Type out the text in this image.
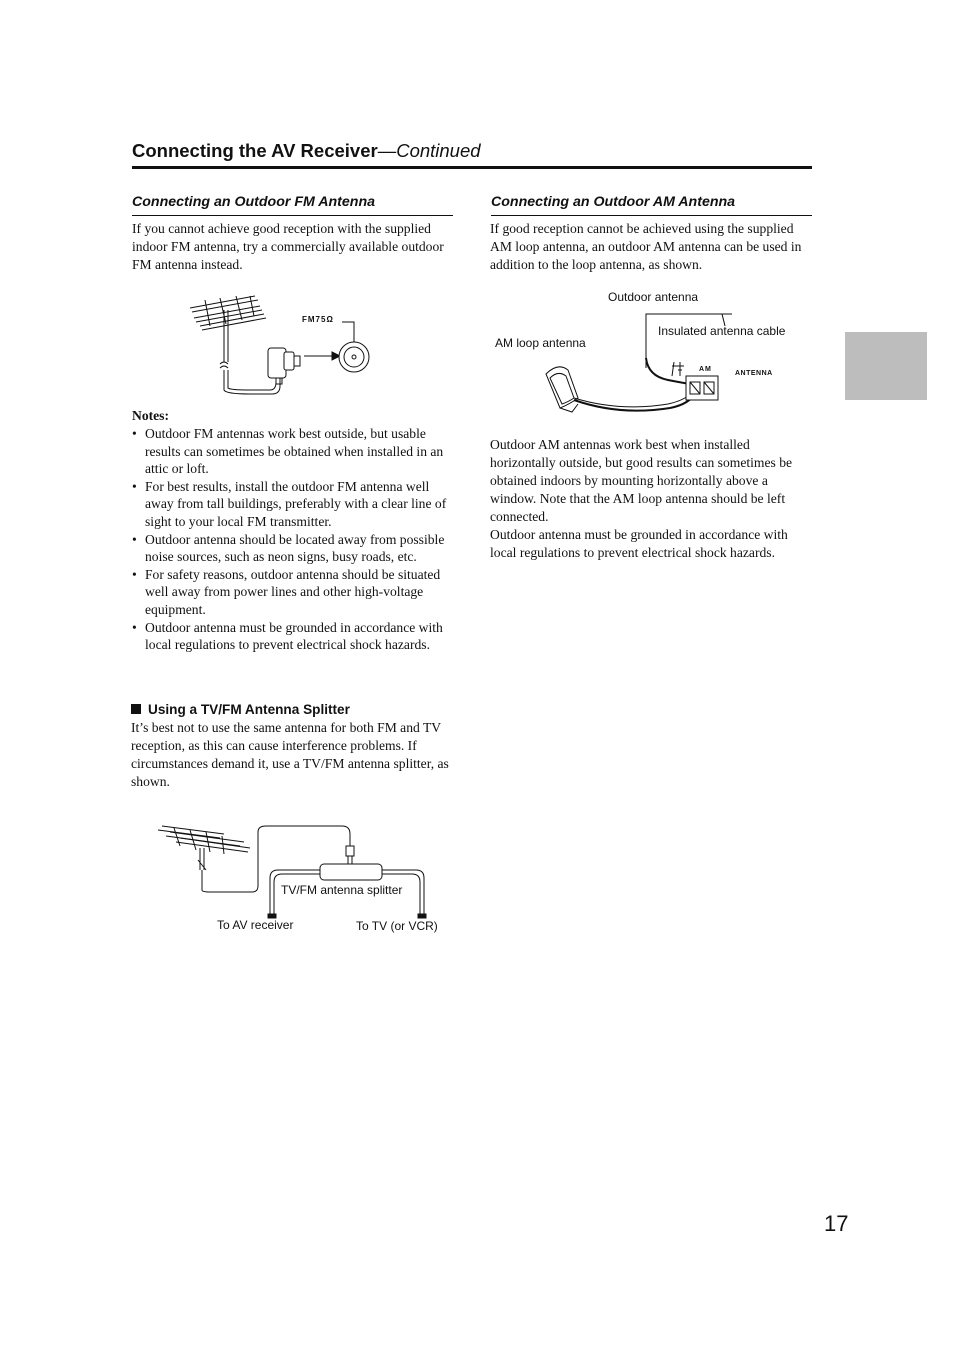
Connecting the AV Receiver—Continued
Connecting an Outdoor FM Antenna

If you cannot achieve good reception with the supplied indoor FM antenna, try a commercially available outdoor FM antenna instead.

FM75Ω
Notes:
• Outdoor FM antennas work best outside, but usable results can sometimes be obtained when installed in an attic or loft.
• For best results, install the outdoor FM antenna well away from tall buildings, preferably with a clear line of sight to your local FM transmitter.
• Outdoor antenna should be located away from possible noise sources, such as neon signs, busy roads, etc.
• For safety reasons, outdoor antenna should be situated well away from power lines and other high-voltage equipment.
• Outdoor antenna must be grounded in accordance with local regulations to prevent electrical shock hazards.
Using a TV/FM Antenna Splitter

It’s best not to use the same antenna for both FM and TV reception, as this can cause interference problems. If circumstances demand it, use a TV/FM antenna splitter, as shown.

TV/FM antenna splitter
To AV receiver	To TV (or VCR)
Connecting an Outdoor AM Antenna

If good reception cannot be achieved using the supplied AM loop antenna, an outdoor AM antenna can be used in addition to the loop antenna, as shown.

Outdoor antenna
Insulated antenna cable
AM loop antenna
AM
ANTENNA

Outdoor AM antennas work best when installed horizontally outside, but good results can sometimes be obtained indoors by mounting horizontally above a window. Note that the AM loop antenna should be left connected.

Outdoor antenna must be grounded in accordance with local regulations to prevent electrical shock hazards.

17
